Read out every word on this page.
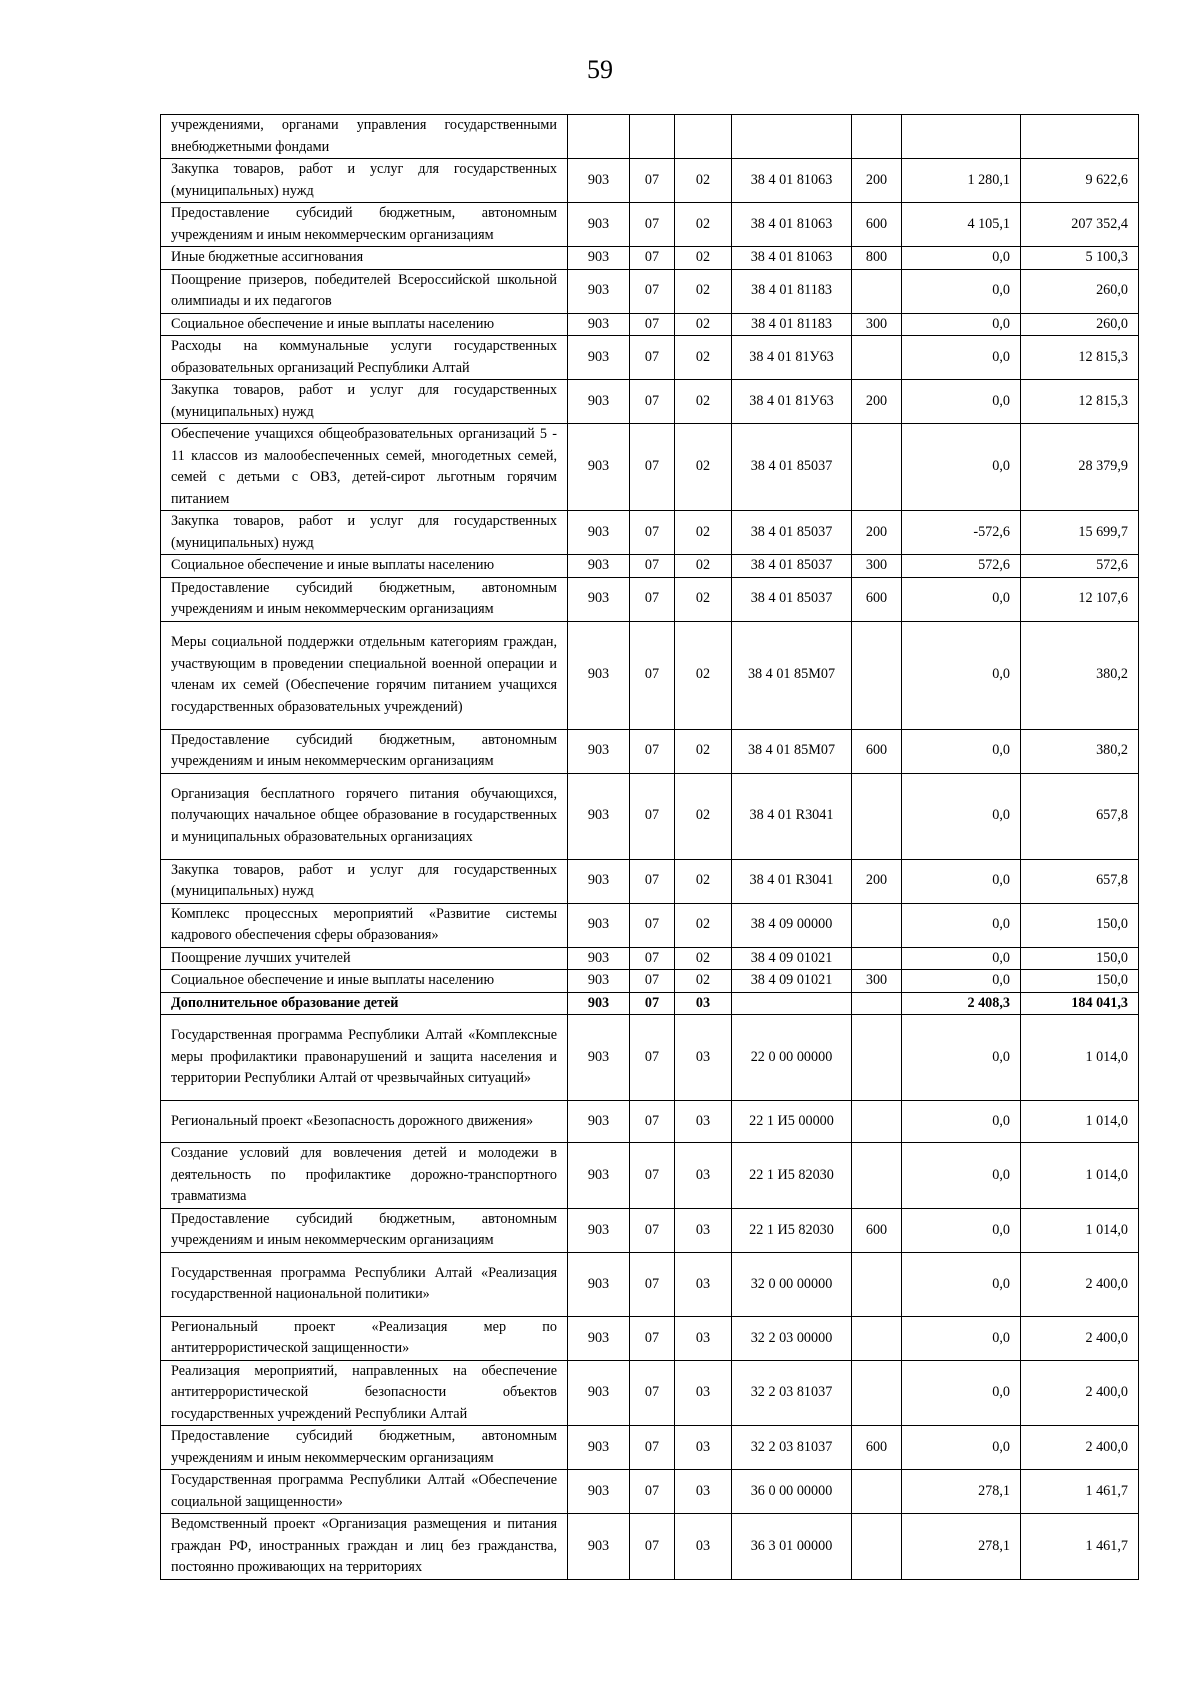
59
учреждениями, органами управления государственными внебюджетными фондами							
Закупка товаров, работ и услуг для государственных (муниципальных) нужд	903	07	02	38 4 01 81063	200	1 280,1	9 622,6
Предоставление субсидий бюджетным, автономным учреждениям и иным некоммерческим организациям	903	07	02	38 4 01 81063	600	4 105,1	207 352,4
Иные бюджетные ассигнования	903	07	02	38 4 01 81063	800	0,0	5 100,3
Поощрение призеров, победителей Всероссийской школьной олимпиады и их педагогов	903	07	02	38 4 01 81183		0,0	260,0
Социальное обеспечение и иные выплаты населению	903	07	02	38 4 01 81183	300	0,0	260,0
Расходы на коммунальные услуги государственных образовательных организаций Республики Алтай	903	07	02	38 4 01 81У63		0,0	12 815,3
Закупка товаров, работ и услуг для государственных (муниципальных) нужд	903	07	02	38 4 01 81У63	200	0,0	12 815,3
Обеспечение учащихся общеобразовательных организаций 5 - 11 классов из малообеспеченных семей, многодетных семей, семей с детьми с ОВЗ, детей-сирот льготным горячим питанием	903	07	02	38 4 01 85037		0,0	28 379,9
Закупка товаров, работ и услуг для государственных (муниципальных) нужд	903	07	02	38 4 01 85037	200	-572,6	15 699,7
Социальное обеспечение и иные выплаты населению	903	07	02	38 4 01 85037	300	572,6	572,6
Предоставление субсидий бюджетным, автономным учреждениям и иным некоммерческим организациям	903	07	02	38 4 01 85037	600	0,0	12 107,6
Меры социальной поддержки отдельным категориям граждан, участвующим в проведении специальной военной операции и членам их семей (Обеспечение горячим питанием учащихся государственных образовательных учреждений)	903	07	02	38 4 01 85M07		0,0	380,2
Предоставление субсидий бюджетным, автономным учреждениям и иным некоммерческим организациям	903	07	02	38 4 01 85M07	600	0,0	380,2
Организация бесплатного горячего питания обучающихся, получающих начальное общее образование в государственных и муниципальных образовательных организациях	903	07	02	38 4 01 R3041		0,0	657,8
Закупка товаров, работ и услуг для государственных (муниципальных) нужд	903	07	02	38 4 01 R3041	200	0,0	657,8
Комплекс процессных мероприятий «Развитие системы кадрового обеспечения сферы образования»	903	07	02	38 4 09 00000		0,0	150,0
Поощрение лучших учителей	903	07	02	38 4 09 01021		0,0	150,0
Социальное обеспечение и иные выплаты населению	903	07	02	38 4 09 01021	300	0,0	150,0
Дополнительное образование детей	903	07	03			2 408,3	184 041,3
Государственная программа Республики Алтай «Комплексные меры профилактики правонарушений и защита населения и территории Республики Алтай от чрезвычайных ситуаций»	903	07	03	22 0 00 00000		0,0	1 014,0
Региональный проект «Безопасность дорожного движения»	903	07	03	22 1 И5 00000		0,0	1 014,0
Создание условий для вовлечения детей и молодежи в деятельность по профилактике дорожно-транспортного травматизма	903	07	03	22 1 И5 82030		0,0	1 014,0
Предоставление субсидий бюджетным, автономным учреждениям и иным некоммерческим организациям	903	07	03	22 1 И5 82030	600	0,0	1 014,0
Государственная программа Республики Алтай «Реализация государственной национальной политики»	903	07	03	32 0 00 00000		0,0	2 400,0
Региональный проект «Реализация мер по антитеррористической защищенности»	903	07	03	32 2 03 00000		0,0	2 400,0
Реализация мероприятий, направленных на обеспечение антитеррористической безопасности объектов государственных учреждений Республики Алтай	903	07	03	32 2 03 81037		0,0	2 400,0
Предоставление субсидий бюджетным, автономным учреждениям и иным некоммерческим организациям	903	07	03	32 2 03 81037	600	0,0	2 400,0
Государственная программа Республики Алтай «Обеспечение социальной защищенности»	903	07	03	36 0 00 00000		278,1	1 461,7
Ведомственный проект «Организация размещения и питания граждан РФ, иностранных граждан и лиц без гражданства, постоянно проживающих на территориях	903	07	03	36 3 01 00000		278,1	1 461,7
